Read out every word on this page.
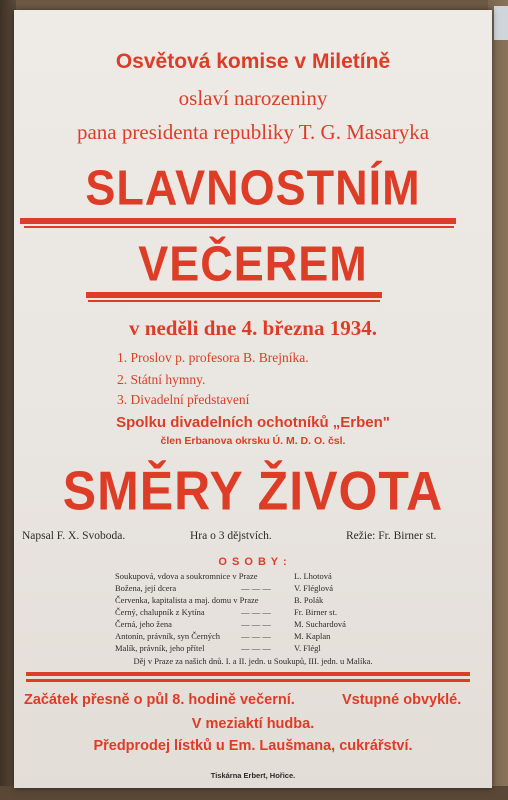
Osvětová komise v Miletíně
oslaví narozeniny
pana presidenta republiky T. G. Masaryka
SLAVNOSTNÍM
VEČEREM
v neděli dne 4. března 1934.
1. Proslov p. profesora B. Brejníka.
2. Státní hymny.
3. Divadelní představení
Spolku divadelních ochotníků „Erben"
člen Erbanova okrsku Ú. M. D. O. čsl.
SMĚRY ŽIVOTA
Napsal F. X. Svoboda.	Hra o 3 dějstvích.	Režie: Fr. Birner st.
O S O B Y :
Soukupová, vdova a soukromnice v Praze	L. Lhotová
Božena, její dcera	— — —	V. Fléglová
Červenka, kapitalista a maj. domu v Praze	B. Polák
Černý, chalupník z Kytína	— — —	Fr. Birner st.
Černá, jeho žena	— — —	M. Suchardová
Antonín, právník, syn Černých	— — —	M. Kaplan
Malík, právník, jeho přítel	— — —	V. Flégl
Děj v Praze za našich dnů. I. a II. jedn. u Soukupů, III. jedn. u Malíka.
Začátek přesně o půl 8. hodině večerní.	Vstupné obvyklé.
V meziaktí hudba.
Předprodej lístků u Em. Laušmana, cukrářství.
Tiskárna Erbert, Hořice.
